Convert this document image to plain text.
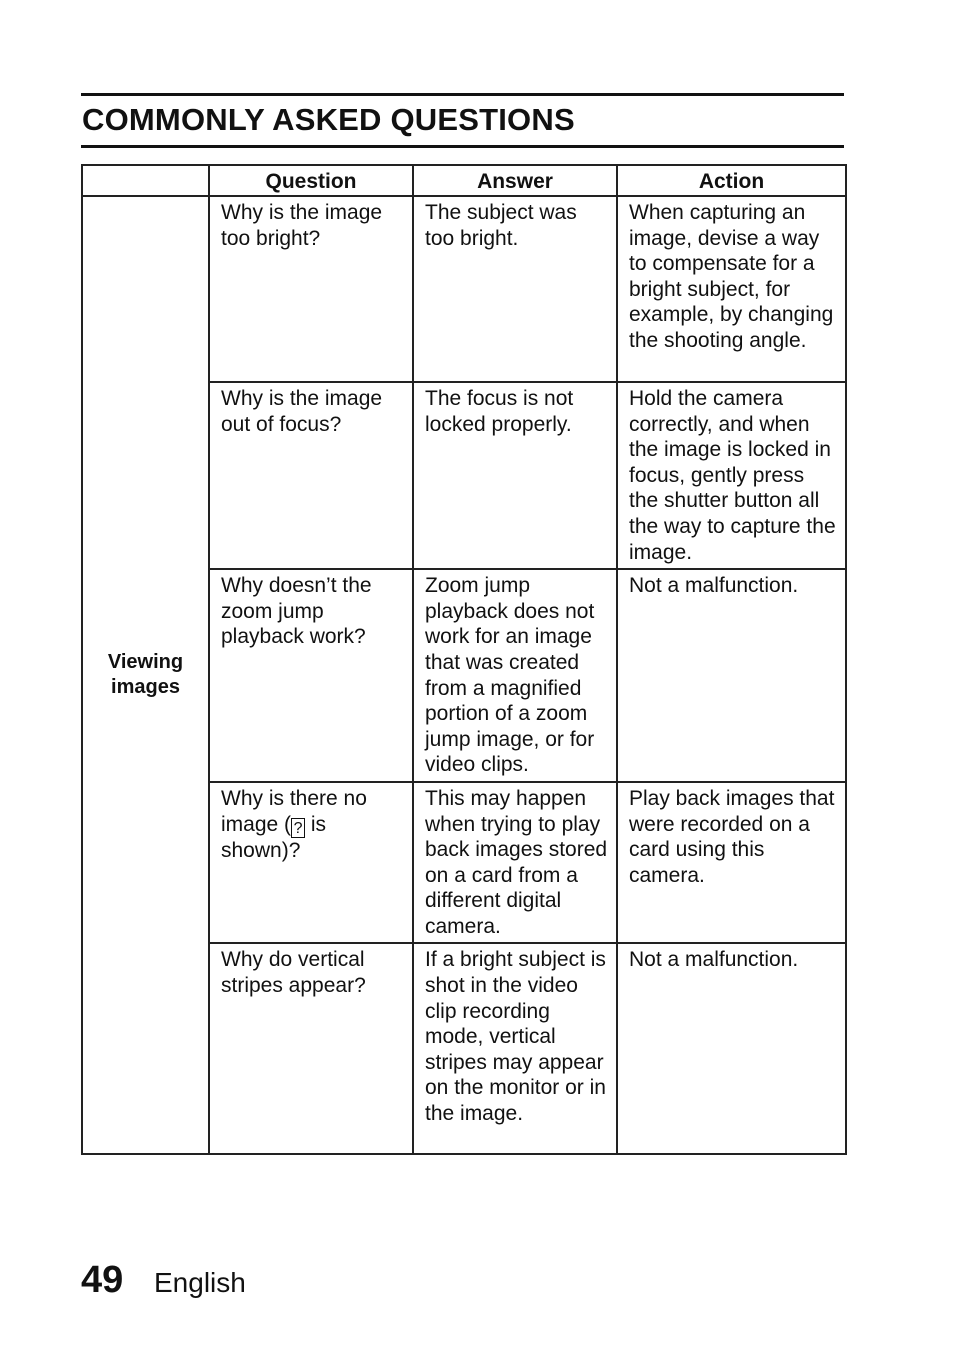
COMMONLY ASKED QUESTIONS
	Question	Answer	Action
Viewing images	Why is the image too bright?	The subject was too bright.	When capturing an image, devise a way to compensate for a bright subject, for example, by changing the shooting angle.
	Why is the image out of focus?	The focus is not locked properly.	Hold the camera correctly, and when the image is locked in focus, gently press the shutter button all the way to capture the image.
	Why doesn’t the zoom jump playback work?	Zoom jump playback does not work for an image that was created from a magnified portion of a zoom jump image, or for video clips.	Not a malfunction.
	Why is there no image ( ? is shown)?	This may happen when trying to play back images stored on a card from a different digital camera.	Play back images that were recorded on a card using this camera.
	Why do vertical stripes appear?	If a bright subject is shot in the video clip recording mode, vertical stripes may appear on the monitor or in the image.	Not a malfunction.
49 English
